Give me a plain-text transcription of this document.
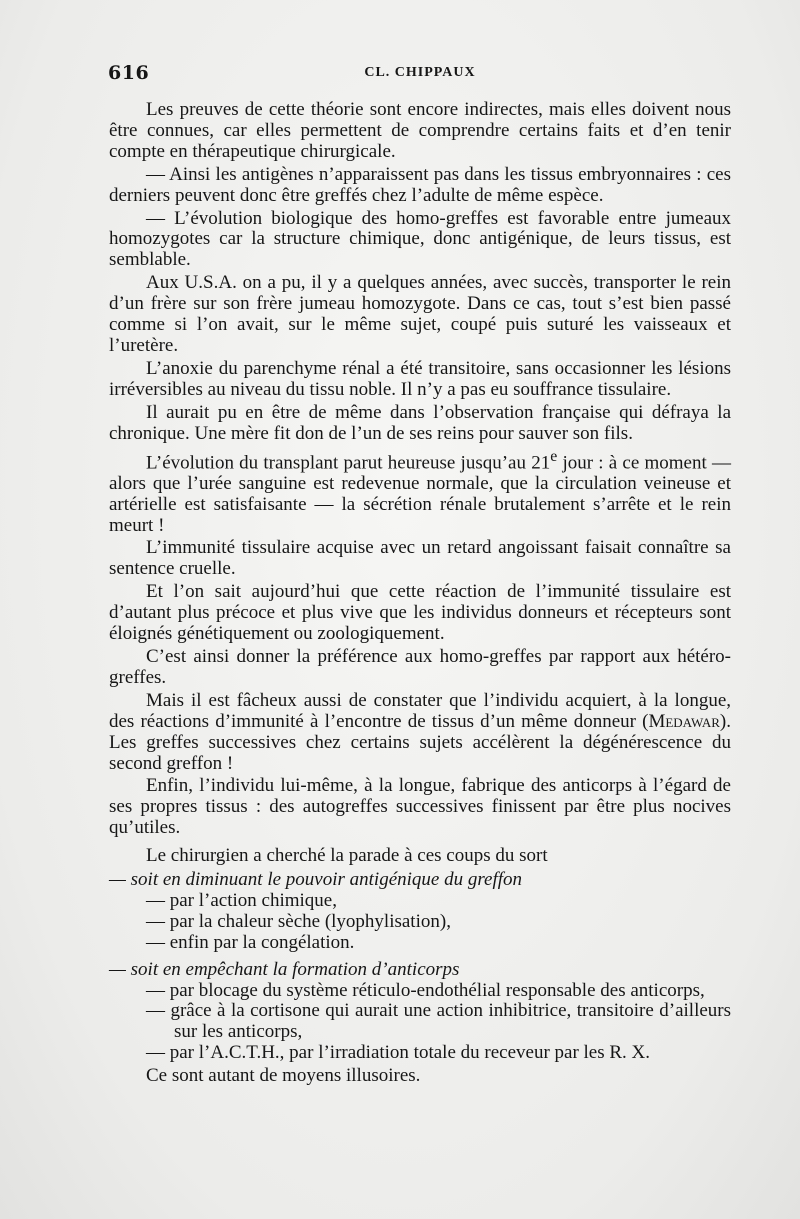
616	CL. CHIPPAUX

Les preuves de cette théorie sont encore indirectes, mais elles doivent nous être connues, car elles permettent de comprendre certains faits et d’en tenir compte en thérapeutique chirurgicale.

— Ainsi les antigènes n’apparaissent pas dans les tissus embryonnaires : ces derniers peuvent donc être greffés chez l’adulte de même espèce.

— L’évolution biologique des homo-greffes est favorable entre jumeaux homozygotes car la structure chimique, donc antigénique, de leurs tissus, est semblable.

Aux U.S.A. on a pu, il y a quelques années, avec succès, transporter le rein d’un frère sur son frère jumeau homozygote. Dans ce cas, tout s’est bien passé comme si l’on avait, sur le même sujet, coupé puis suturé les vaisseaux et l’uretère.

L’anoxie du parenchyme rénal a été transitoire, sans occasionner les lésions irréversibles au niveau du tissu noble. Il n’y a pas eu souffrance tissulaire.

Il aurait pu en être de même dans l’observation française qui défraya la chronique. Une mère fit don de l’un de ses reins pour sauver son fils.

L’évolution du transplant parut heureuse jusqu’au 21e jour : à ce moment — alors que l’urée sanguine est redevenue normale, que la circulation veineuse et artérielle est satisfaisante — la sécrétion rénale brutalement s’arrête et le rein meurt !

L’immunité tissulaire acquise avec un retard angoissant faisait connaître sa sentence cruelle.

Et l’on sait aujourd’hui que cette réaction de l’immunité tissulaire est d’autant plus précoce et plus vive que les individus donneurs et récepteurs sont éloignés génétiquement ou zoologiquement.

C’est ainsi donner la préférence aux homo-greffes par rapport aux hétéro-greffes.

Mais il est fâcheux aussi de constater que l’individu acquiert, à la longue, des réactions d’immunité à l’encontre de tissus d’un même donneur (Medawar). Les greffes successives chez certains sujets accélèrent la dégénérescence du second greffon !

Enfin, l’individu lui-même, à la longue, fabrique des anticorps à l’égard de ses propres tissus : des autogreffes successives finissent par être plus nocives qu’utiles.

Le chirurgien a cherché la parade à ces coups du sort

— soit en diminuant le pouvoir antigénique du greffon

— par l’action chimique,

— par la chaleur sèche (lyophylisation),

— enfin par la congélation.

— soit en empêchant la formation d’anticorps

— par blocage du système réticulo-endothélial responsable des anticorps,

— grâce à la cortisone qui aurait une action inhibitrice, transitoire d’ailleurs sur les anticorps,

— par l’A.C.T.H., par l’irradiation totale du receveur par les R. X.

Ce sont autant de moyens illusoires.
